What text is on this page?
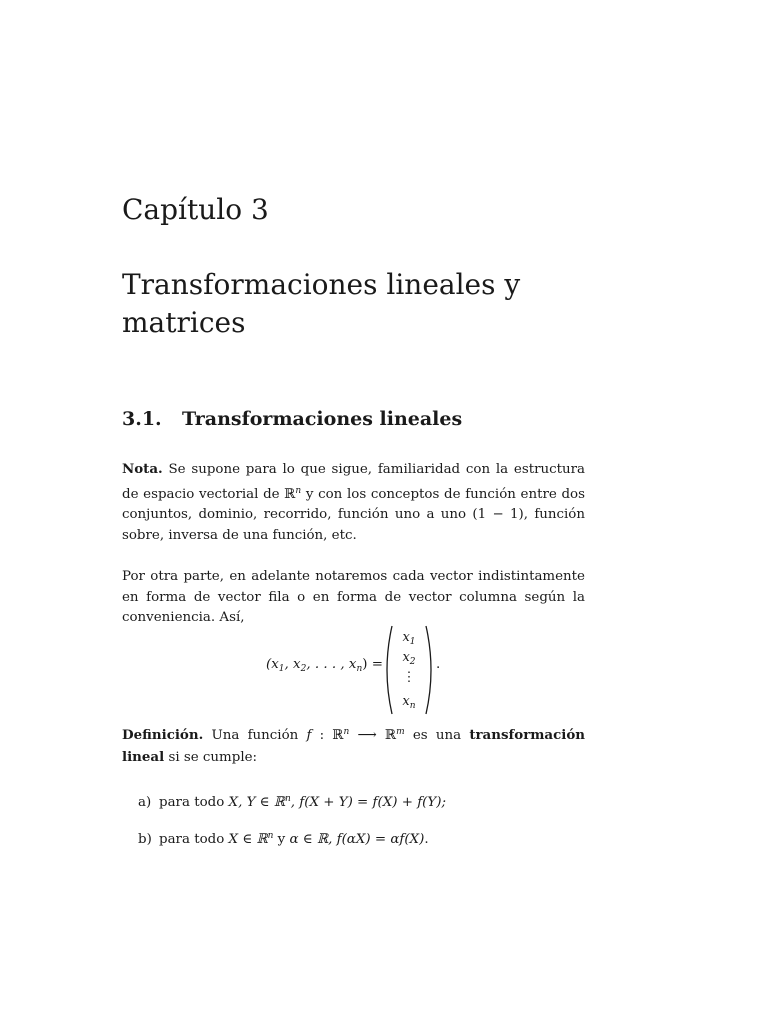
Capítulo 3
Transformaciones lineales y matrices
3.1. Transformaciones lineales
Nota. Se supone para lo que sigue, familiaridad con la estructura de espacio vectorial de ℝ$^n$ y con los conceptos de función entre dos conjuntos, dominio, recorrido, función uno a uno (1 − 1), función sobre, inversa de una función, etc.
Por otra parte, en adelante notaremos cada vector indistintamente en forma de vector fila o en forma de vector columna según la conveniencia. Así,
($x_1$, $x_2$, . . . , $x_n$) =
$x_1$
$x_2$
⋮
$x_n$
.
Definición. Una función f : ℝ$^n$ ⟶ ℝ$^m$ es una transformación lineal si se cumple:
a) para todo X, Y ∈ ℝ$^n$, f(X + Y) = f(X) + f(Y);
b) para todo X ∈ ℝ$^n$ y α ∈ ℝ, f(αX) = αf(X).
